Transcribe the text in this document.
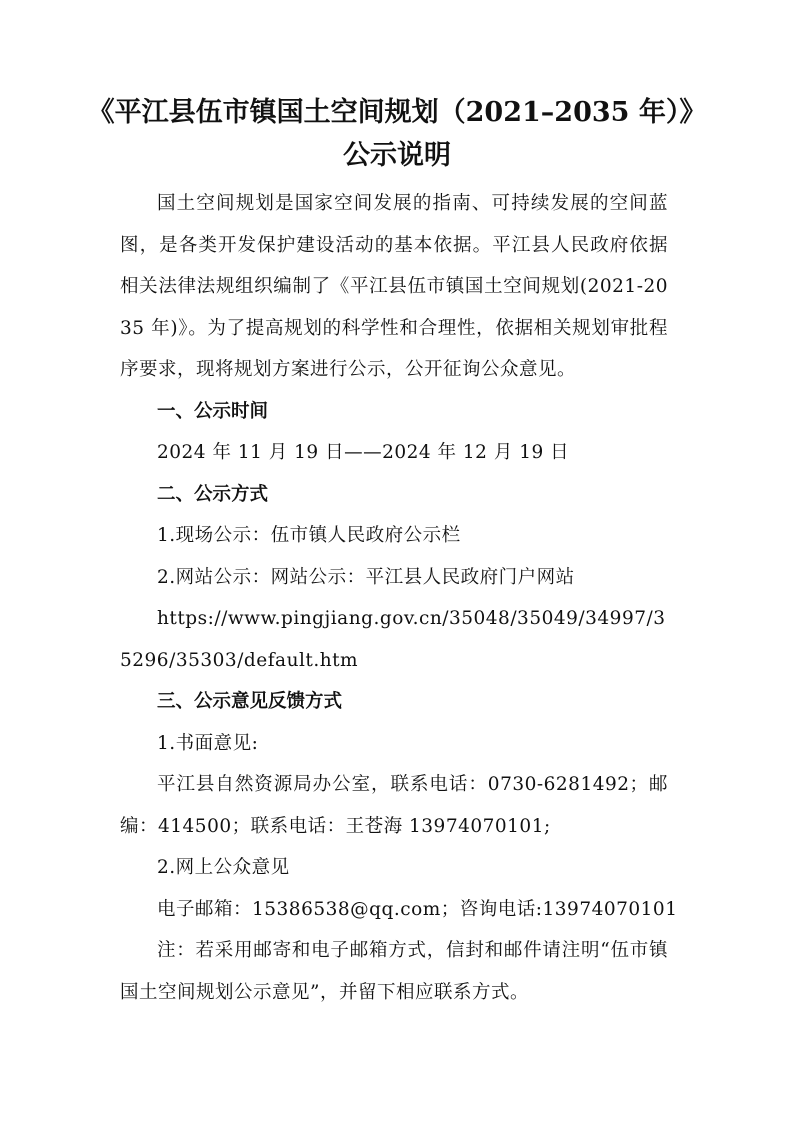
《平江县伍市镇国土空间规划（2021–2035 年）》
公示说明

国土空间规划是国家空间发展的指南、可持续发展的空间蓝图，是各类开发保护建设活动的基本依据。平江县人民政府依据相关法律法规组织编制了《平江县伍市镇国土空间规划(2021-2035 年)》。为了提高规划的科学性和合理性，依据相关规划审批程序要求，现将规划方案进行公示，公开征询公众意见。

一、公示时间

2024 年 11 月 19 日——2024 年 12 月 19 日

二、公示方式

1.现场公示：伍市镇人民政府公示栏

2.网站公示：网站公示：平江县人民政府门户网站

https://www.pingjiang.gov.cn/35048/35049/34997/35296/35303/default.htm

三、公示意见反馈方式

1.书面意见:

平江县自然资源局办公室，联系电话：0730-6281492；邮编：414500；联系电话：王苍海 13974070101;

2.网上公众意见

电子邮箱：15386538@qq.com；咨询电话:13974070101

注：若采用邮寄和电子邮箱方式，信封和邮件请注明“伍市镇国土空间规划公示意见”，并留下相应联系方式。
